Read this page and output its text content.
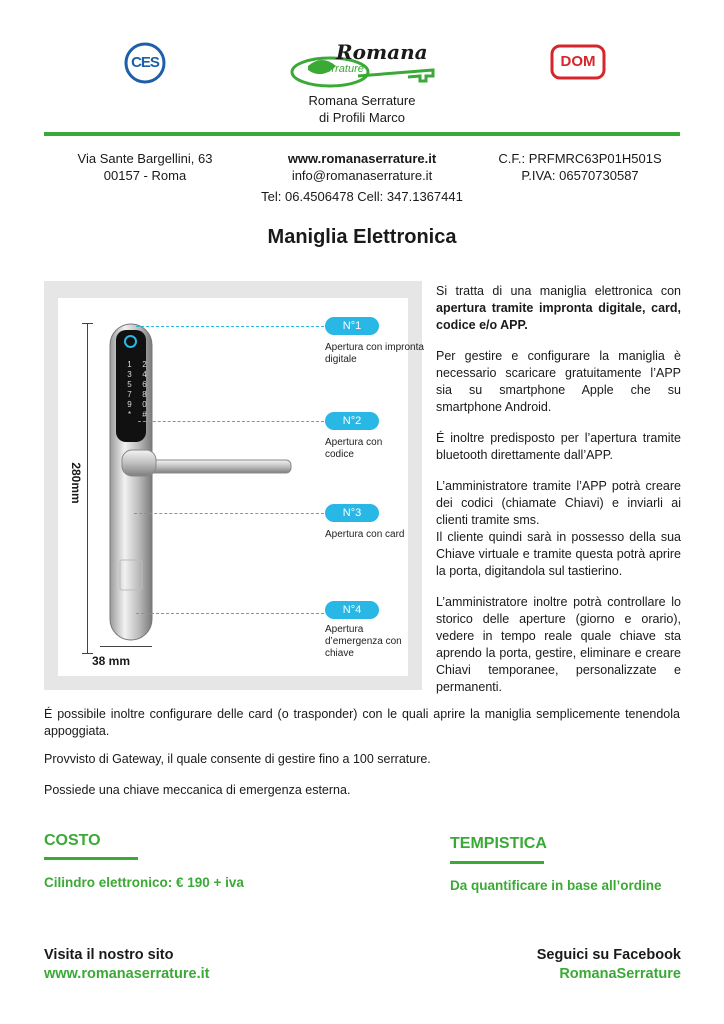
CES	Romana
Serrature	DOM
Romana Serrature
di Profili Marco
Via Sante Bargellini, 63
00157 - Roma
www.romanaserrature.it
info@romanaserrature.it
C.F.: PRFMRC63P01H501S
P.IVA: 06570730587
Tel: 06.4506478 Cell: 347.1367441
Maniglia Elettronica
280mm
38 mm
1	2
3	4
5	6
7	8
9	0
*	#
N°1
Apertura con impronta digitale
N°2
Apertura con codice
N°3
Apertura con card
N°4
Apertura d’emergenza con chiave

Si tratta di una maniglia elettronica con apertura tramite impronta digitale, card, codice e/o APP.

Per gestire e configurare la maniglia è necessario scaricare gratuitamente l’APP sia su smartphone Apple che su smartphone Android.

É inoltre predisposto per l’apertura tramite bluetooth direttamente dall’APP.

L’amministratore tramite l’APP potrà creare dei codici (chiamate Chiavi) e inviarli ai clienti tramite sms.

Il cliente quindi sarà in possesso della sua Chiave virtuale e tramite questa potrà aprire la porta, digitandola sul tastierino.

L’amministratore inoltre potrà controllare lo storico delle aperture (giorno e orario), vedere in tempo reale quale chiave sta aprendo la porta, gestire, eliminare e creare Chiavi temporanee, personalizzate e permanenti.

É possibile inoltre configurare delle card (o trasponder) con le quali aprire la maniglia semplicemente tenendola appoggiata.
Provvisto di Gateway, il quale consente di gestire fino a 100 serrature.
Possiede una chiave meccanica di emergenza esterna.
COSTO
Cilindro elettronico: € 190 + iva
TEMPISTICA
Da quantificare in base all’ordine
Visita il nostro sito
www.romanaserrature.it
Seguici su Facebook
RomanaSerrature
